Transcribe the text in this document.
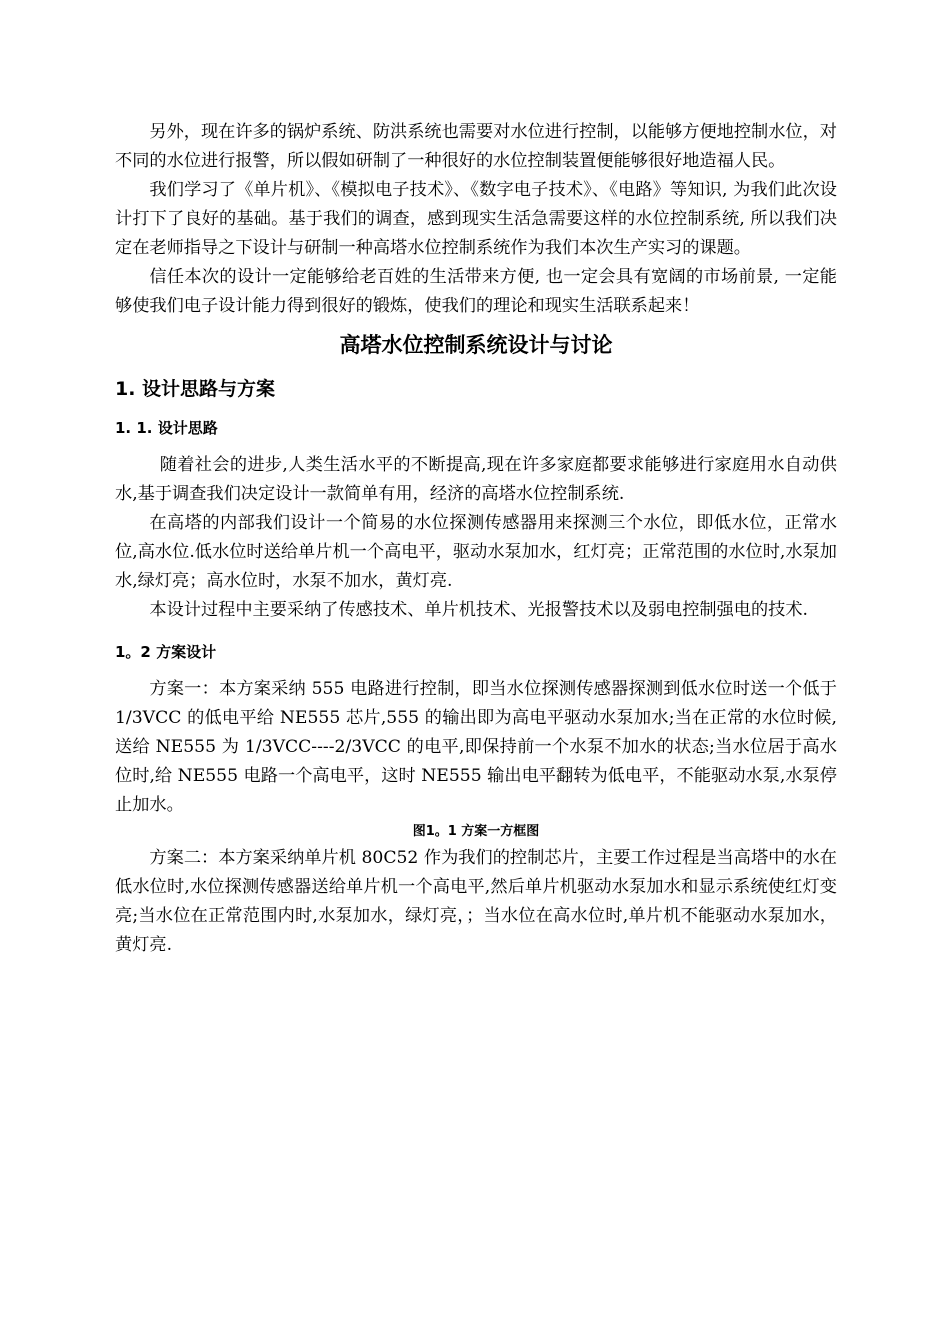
另外，现在许多的锅炉系统、防洪系统也需要对水位进行控制，以能够方便地控制水位，对不同的水位进行报警，所以假如研制了一种很好的水位控制装置便能够很好地造福人民。

我们学习了《单片机》、《模拟电子技术》、《数字电子技术》、《电路》等知识, 为我们此次设计打下了良好的基础。基于我们的调查，感到现实生活急需要这样的水位控制系统, 所以我们决定在老师指导之下设计与研制一种高塔水位控制系统作为我们本次生产实习的课题。

信任本次的设计一定能够给老百姓的生活带来方便, 也一定会具有宽阔的市场前景, 一定能够使我们电子设计能力得到很好的锻炼，使我们的理论和现实生活联系起来！

高塔水位控制系统设计与讨论
1. 设计思路与方案
1. 1. 设计思路

随着社会的进步,人类生活水平的不断提高,现在许多家庭都要求能够进行家庭用水自动供水,基于调查我们决定设计一款简单有用，经济的高塔水位控制系统.

在高塔的内部我们设计一个简易的水位探测传感器用来探测三个水位，即低水位，正常水位,高水位.低水位时送给单片机一个高电平，驱动水泵加水，红灯亮；正常范围的水位时,水泵加水,绿灯亮；高水位时，水泵不加水，黄灯亮.

本设计过程中主要采纳了传感技术、单片机技术、光报警技术以及弱电控制强电的技术.

1。2 方案设计

方案一：本方案采纳 555 电路进行控制，即当水位探测传感器探测到低水位时送一个低于 1/3VCC 的低电平给 NE555 芯片,555 的输出即为高电平驱动水泵加水;当在正常的水位时候,送给 NE555 为 1/3VCC----2/3VCC 的电平,即保持前一个水泵不加水的状态;当水位居于高水位时,给 NE555 电路一个高电平，这时 NE555 输出电平翻转为低电平，不能驱动水泵,水泵停止加水。

图1。1 方案一方框图

方案二：本方案采纳单片机 80C52 作为我们的控制芯片，主要工作过程是当高塔中的水在低水位时,水位探测传感器送给单片机一个高电平,然后单片机驱动水泵加水和显示系统使红灯变亮;当水位在正常范围内时,水泵加水，绿灯亮，；当水位在高水位时,单片机不能驱动水泵加水，黄灯亮.
